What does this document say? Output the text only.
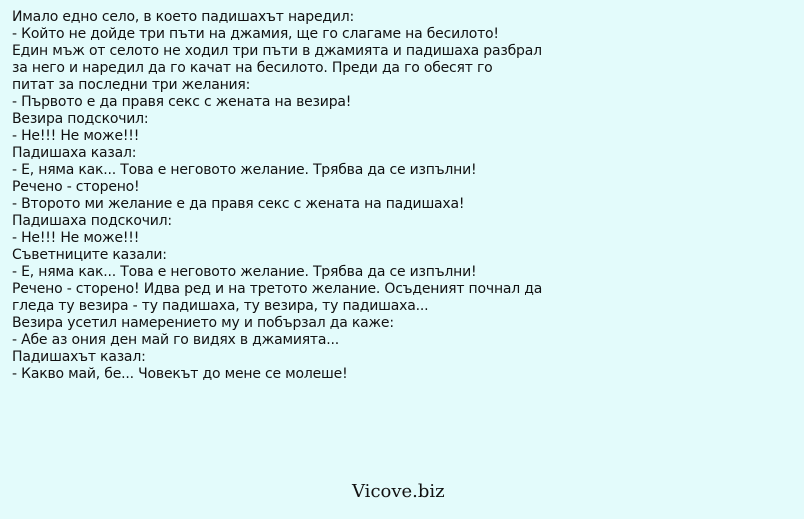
Имало едно село, в което падишахът наредил:
- Който не дойде три пъти на джамия, ще го слагаме на бесилото!
Един мъж от селото не ходил три пъти в джамията и падишаха разбрал
за него и наредил да го качат на бесилото. Преди да го обесят го
питат за последни три желания:
- Първото е да правя секс с жената на везира!
Везира подскочил:
- Не!!! Не може!!!
Падишаха казал:
- Е, няма как... Това е неговото желание. Трябва да се изпълни!
Речено - сторено!
- Второто ми желание е да правя секс с жената на падишаха!
Падишаха подскочил:
- Не!!! Не може!!!
Съветниците казали:
- Е, няма как... Това е неговото желание. Трябва да се изпълни!
Речено - сторено! Идва ред и на третото желание. Осъденият почнал да
гледа ту везира - ту падишаха, ту везира, ту падишаха...
Везира усетил намерението му и побързал да каже:
- Абе аз ония ден май го видях в джамията...
Падишахът казал:
- Какво май, бе... Човекът до мене се молеше!
Vicove.biz
